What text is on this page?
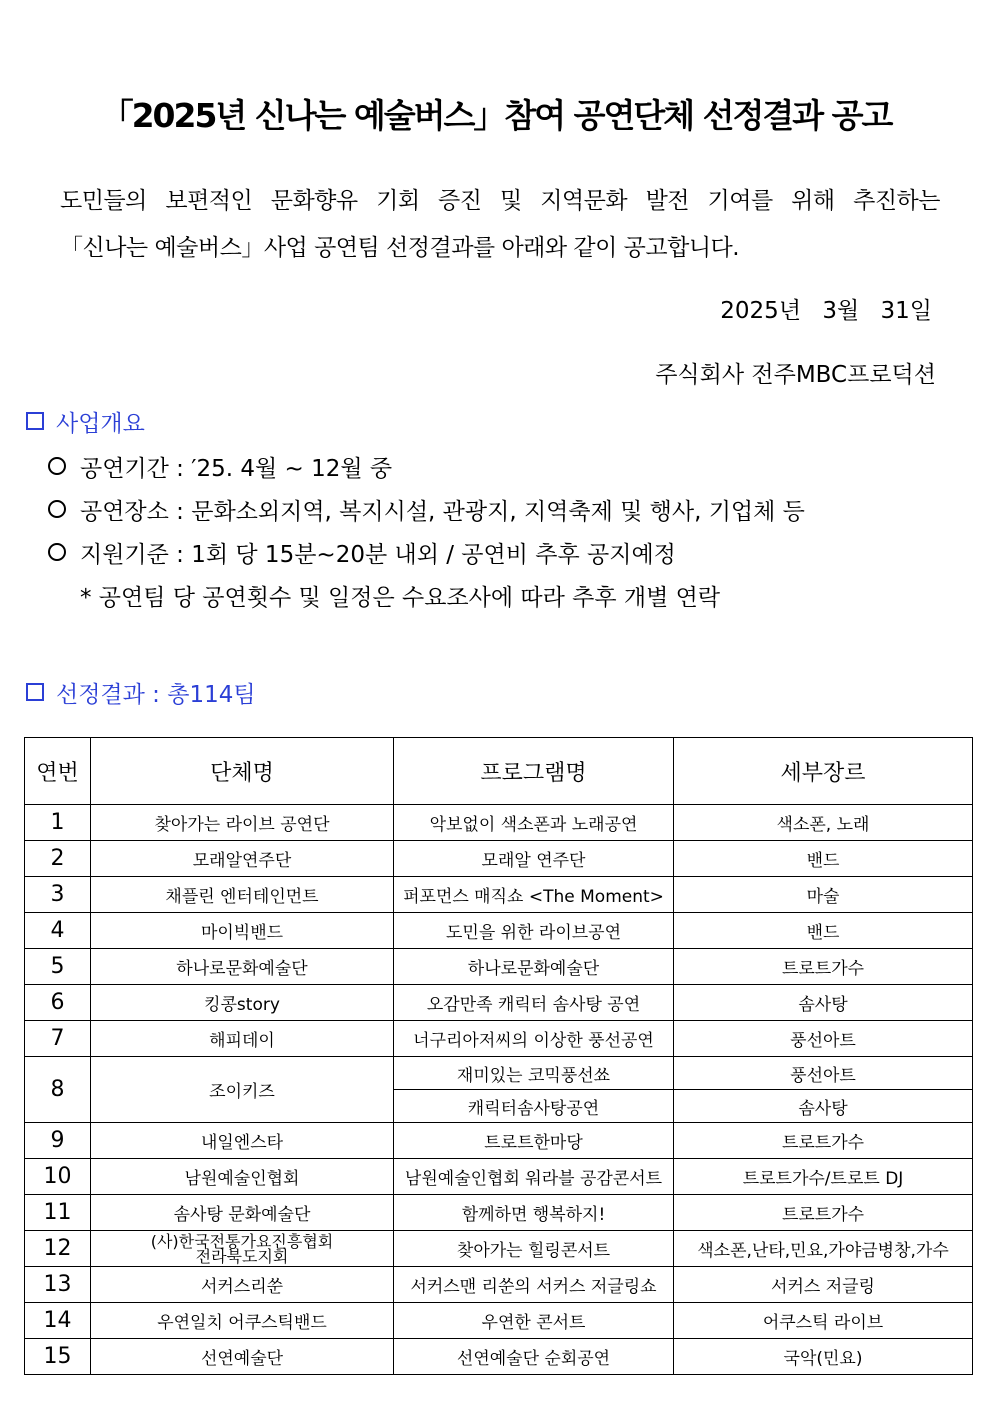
「2025년 신나는 예술버스」참여 공연단체 선정결과 공고

도민들의 보편적인 문화향유 기회 증진 및 지역문화 발전 기여를 위해 추진하는

「신나는 예술버스」사업 공연팀 선정결과를 아래와 같이 공고합니다.

2025년 3월 31일
주식회사 전주MBC프로덕션
사업개요
공연기간 : ′25. 4월 ~ 12월 중
공연장소 : 문화소외지역, 복지시설, 관광지, 지역축제 및 행사, 기업체 등
지원기준 : 1회 당 15분~20분 내외 / 공연비 추후 공지예정
* 공연팀 당 공연횟수 및 일정은 수요조사에 따라 추후 개별 연락
선정결과 : 총114팀
연번	단체명	프로그램명	세부장르
1	찾아가는 라이브 공연단	악보없이 색소폰과 노래공연	색소폰, 노래
2	모래알연주단	모래알 연주단	밴드
3	채플린 엔터테인먼트	퍼포먼스 매직쇼 <The Moment>	마술
4	마이빅밴드	도민을 위한 라이브공연	밴드
5	하나로문화예술단	하나로문화예술단	트로트가수
6	킹콩story	오감만족 캐릭터 솜사탕 공연	솜사탕
7	해피데이	너구리아저씨의 이상한 풍선공연	풍선아트
8	조이키즈	재미있는 코믹풍선쑈	풍선아트
		캐릭터솜사탕공연	솜사탕
9	내일엔스타	트로트한마당	트로트가수
10	남원예술인협회	남원예술인협회 워라블 공감콘서트	트로트가수/트로트 DJ
11	솜사탕 문화예술단	함께하면 행복하지!	트로트가수
12	(사)한국전통가요진흥협회
전라북도지회	찾아가는 힐링콘서트	색소폰,난타,민요,가야금병창,가수
13	서커스리쑨	서커스맨 리쑨의 서커스 저글링쇼	서커스 저글링
14	우연일치 어쿠스틱밴드	우연한 콘서트	어쿠스틱 라이브
15	선연예술단	선연예술단 순회공연	국악(민요)
